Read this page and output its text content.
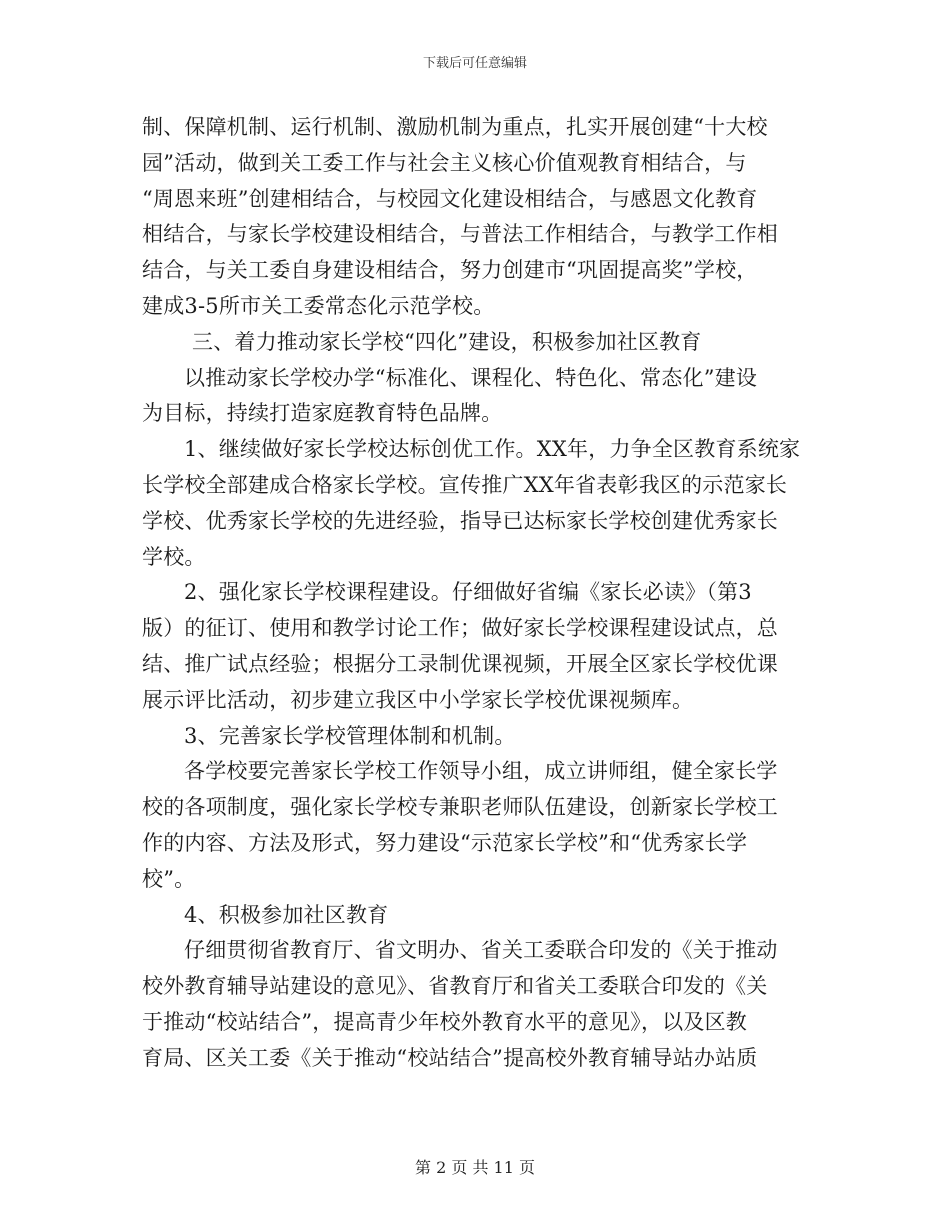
下载后可任意编辑
制、保障机制、运行机制、激励机制为重点，扎实开展创建“十大校
园”活动，做到关工委工作与社会主义核心价值观教育相结合，与
“周恩来班”创建相结合，与校园文化建设相结合，与感恩文化教育
相结合，与家长学校建设相结合，与普法工作相结合，与教学工作相
结合，与关工委自身建设相结合，努力创建市“巩固提高奖”学校，
建成3-5所市关工委常态化示范学校。
三、着力推动家长学校“四化”建设，积极参加社区教育
以推动家长学校办学“标准化、课程化、特色化、常态化”建设
为目标，持续打造家庭教育特色品牌。
1、继续做好家长学校达标创优工作。XX年，力争全区教育系统家
长学校全部建成合格家长学校。宣传推广XX年省表彰我区的示范家长
学校、优秀家长学校的先进经验，指导已达标家长学校创建优秀家长
学校。
2、强化家长学校课程建设。仔细做好省编《家长必读》（第3
版）的征订、使用和教学讨论工作；做好家长学校课程建设试点，总
结、推广试点经验；根据分工录制优课视频，开展全区家长学校优课
展示评比活动，初步建立我区中小学家长学校优课视频库。
3、完善家长学校管理体制和机制。
各学校要完善家长学校工作领导小组，成立讲师组，健全家长学
校的各项制度，强化家长学校专兼职老师队伍建设，创新家长学校工
作的内容、方法及形式，努力建设“示范家长学校”和“优秀家长学
校”。
4、积极参加社区教育
仔细贯彻省教育厅、省文明办、省关工委联合印发的《关于推动
校外教育辅导站建设的意见》、省教育厅和省关工委联合印发的《关
于推动“校站结合”，提高青少年校外教育水平的意见》，以及区教
育局、区关工委《关于推动“校站结合”提高校外教育辅导站办站质
第 2 页 共 11 页
